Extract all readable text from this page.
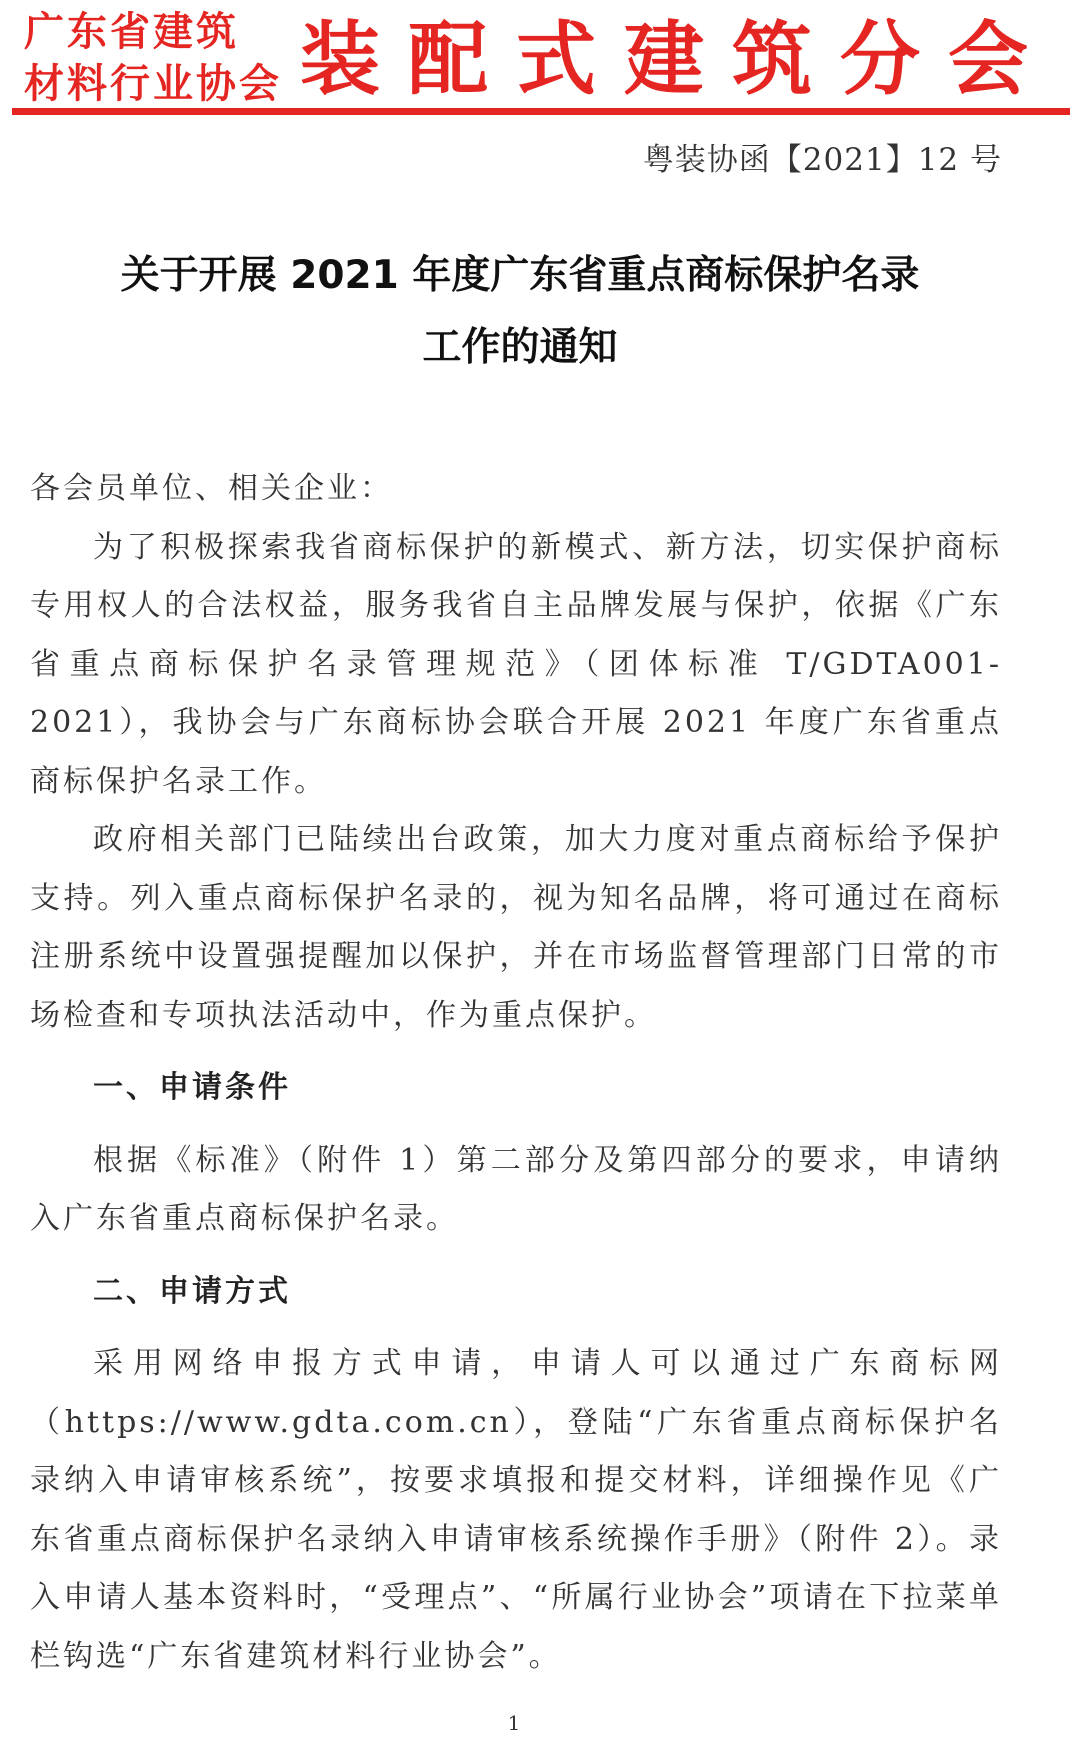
广东省建筑
材料行业协会 装配式建筑分会
粤装协函【2021】12 号
关于开展 2021 年度广东省重点商标保护名录
工作的通知

各会员单位、相关企业：

为了积极探索我省商标保护的新模式、新方法，切实保护商标专用权人的合法权益，服务我省自主品牌发展与保护，依据《广东省重点商标保护名录管理规范》（团体标准 T/GDTA001-2021），我协会与广东商标协会联合开展 2021 年度广东省重点商标保护名录工作。

政府相关部门已陆续出台政策，加大力度对重点商标给予保护支持。列入重点商标保护名录的，视为知名品牌，将可通过在商标注册系统中设置强提醒加以保护，并在市场监督管理部门日常的市场检查和专项执法活动中，作为重点保护。

一、申请条件

根据《标准》（附件 1）第二部分及第四部分的要求，申请纳入广东省重点商标保护名录。

二、申请方式

采用网络申报方式申请，申请人可以通过广东商标网（https://www.gdta.com.cn），登陆“广东省重点商标保护名录纳入申请审核系统”，按要求填报和提交材料，详细操作见《广东省重点商标保护名录纳入申请审核系统操作手册》（附件 2）。录入申请人基本资料时，“受理点”、“所属行业协会”项请在下拉菜单栏钩选“广东省建筑材料行业协会”。

1
